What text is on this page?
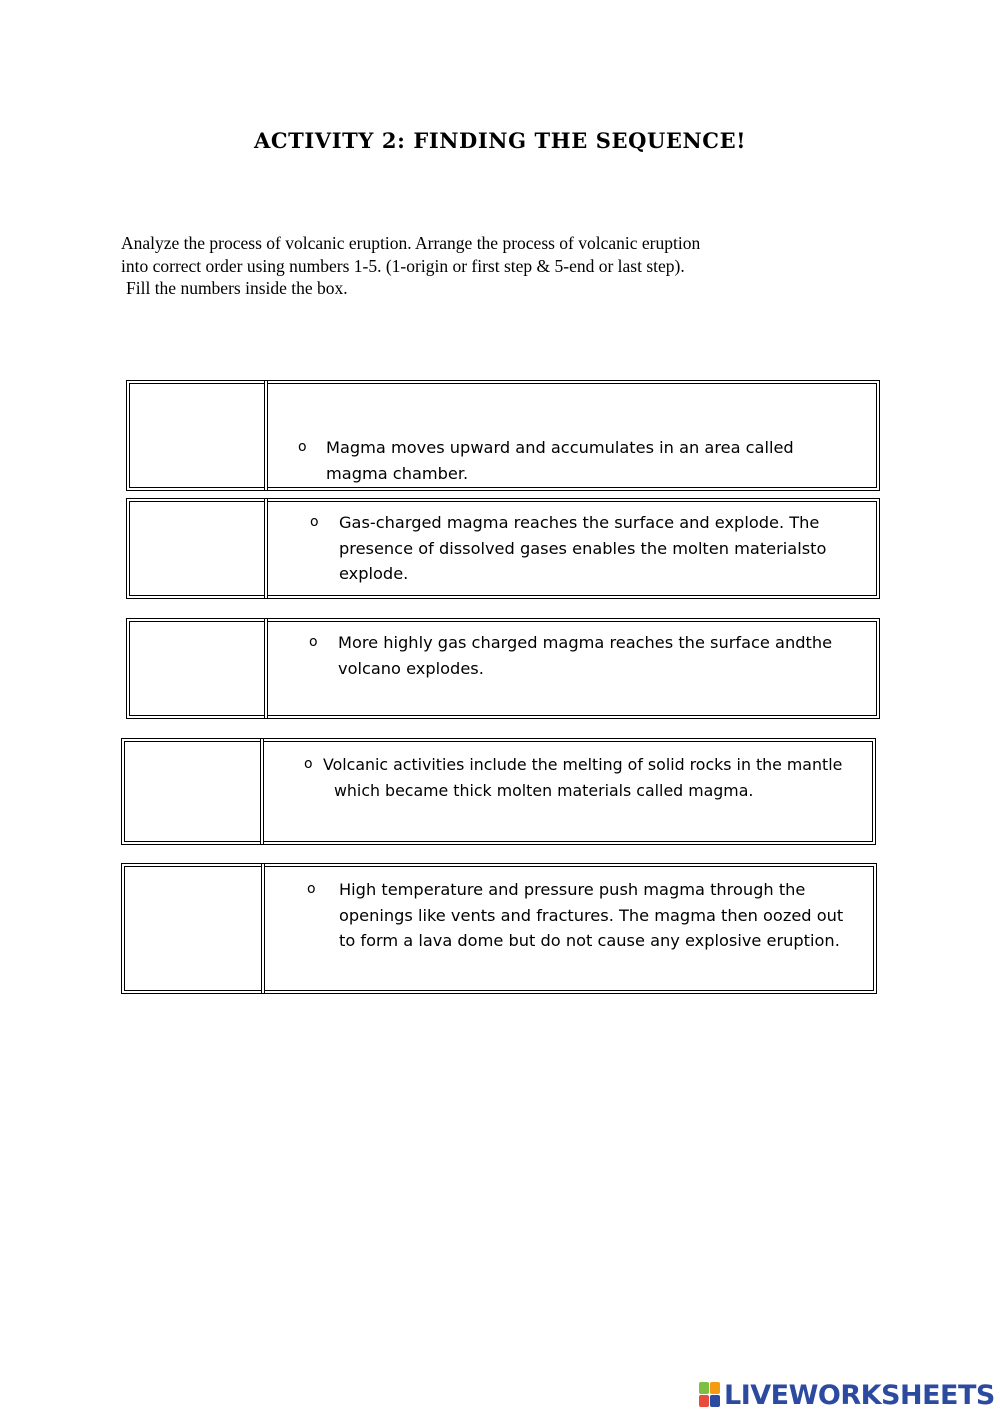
ACTIVITY 2: FINDING THE SEQUENCE!
Analyze the process of volcanic eruption. Arrange the process of volcanic eruption
into correct order using numbers 1-5. (1-origin or first step & 5-end or last step).
Fill the numbers inside the box.
o	Magma moves upward and accumulates in an area called
magma chamber.
o	Gas-charged magma reaches the surface and explode. The
presence of dissolved gases enables the molten materialsto
explode.
o	More highly gas charged magma reaches the surface andthe
volcano explodes.
o Volcanic activities include the melting of solid rocks in the mantle
which became thick molten materials called magma.
o	High temperature and pressure push magma through the
openings like vents and fractures. The magma then oozed out
to form a lava dome but do not cause any explosive eruption.
LIVEWORKSHEETS
